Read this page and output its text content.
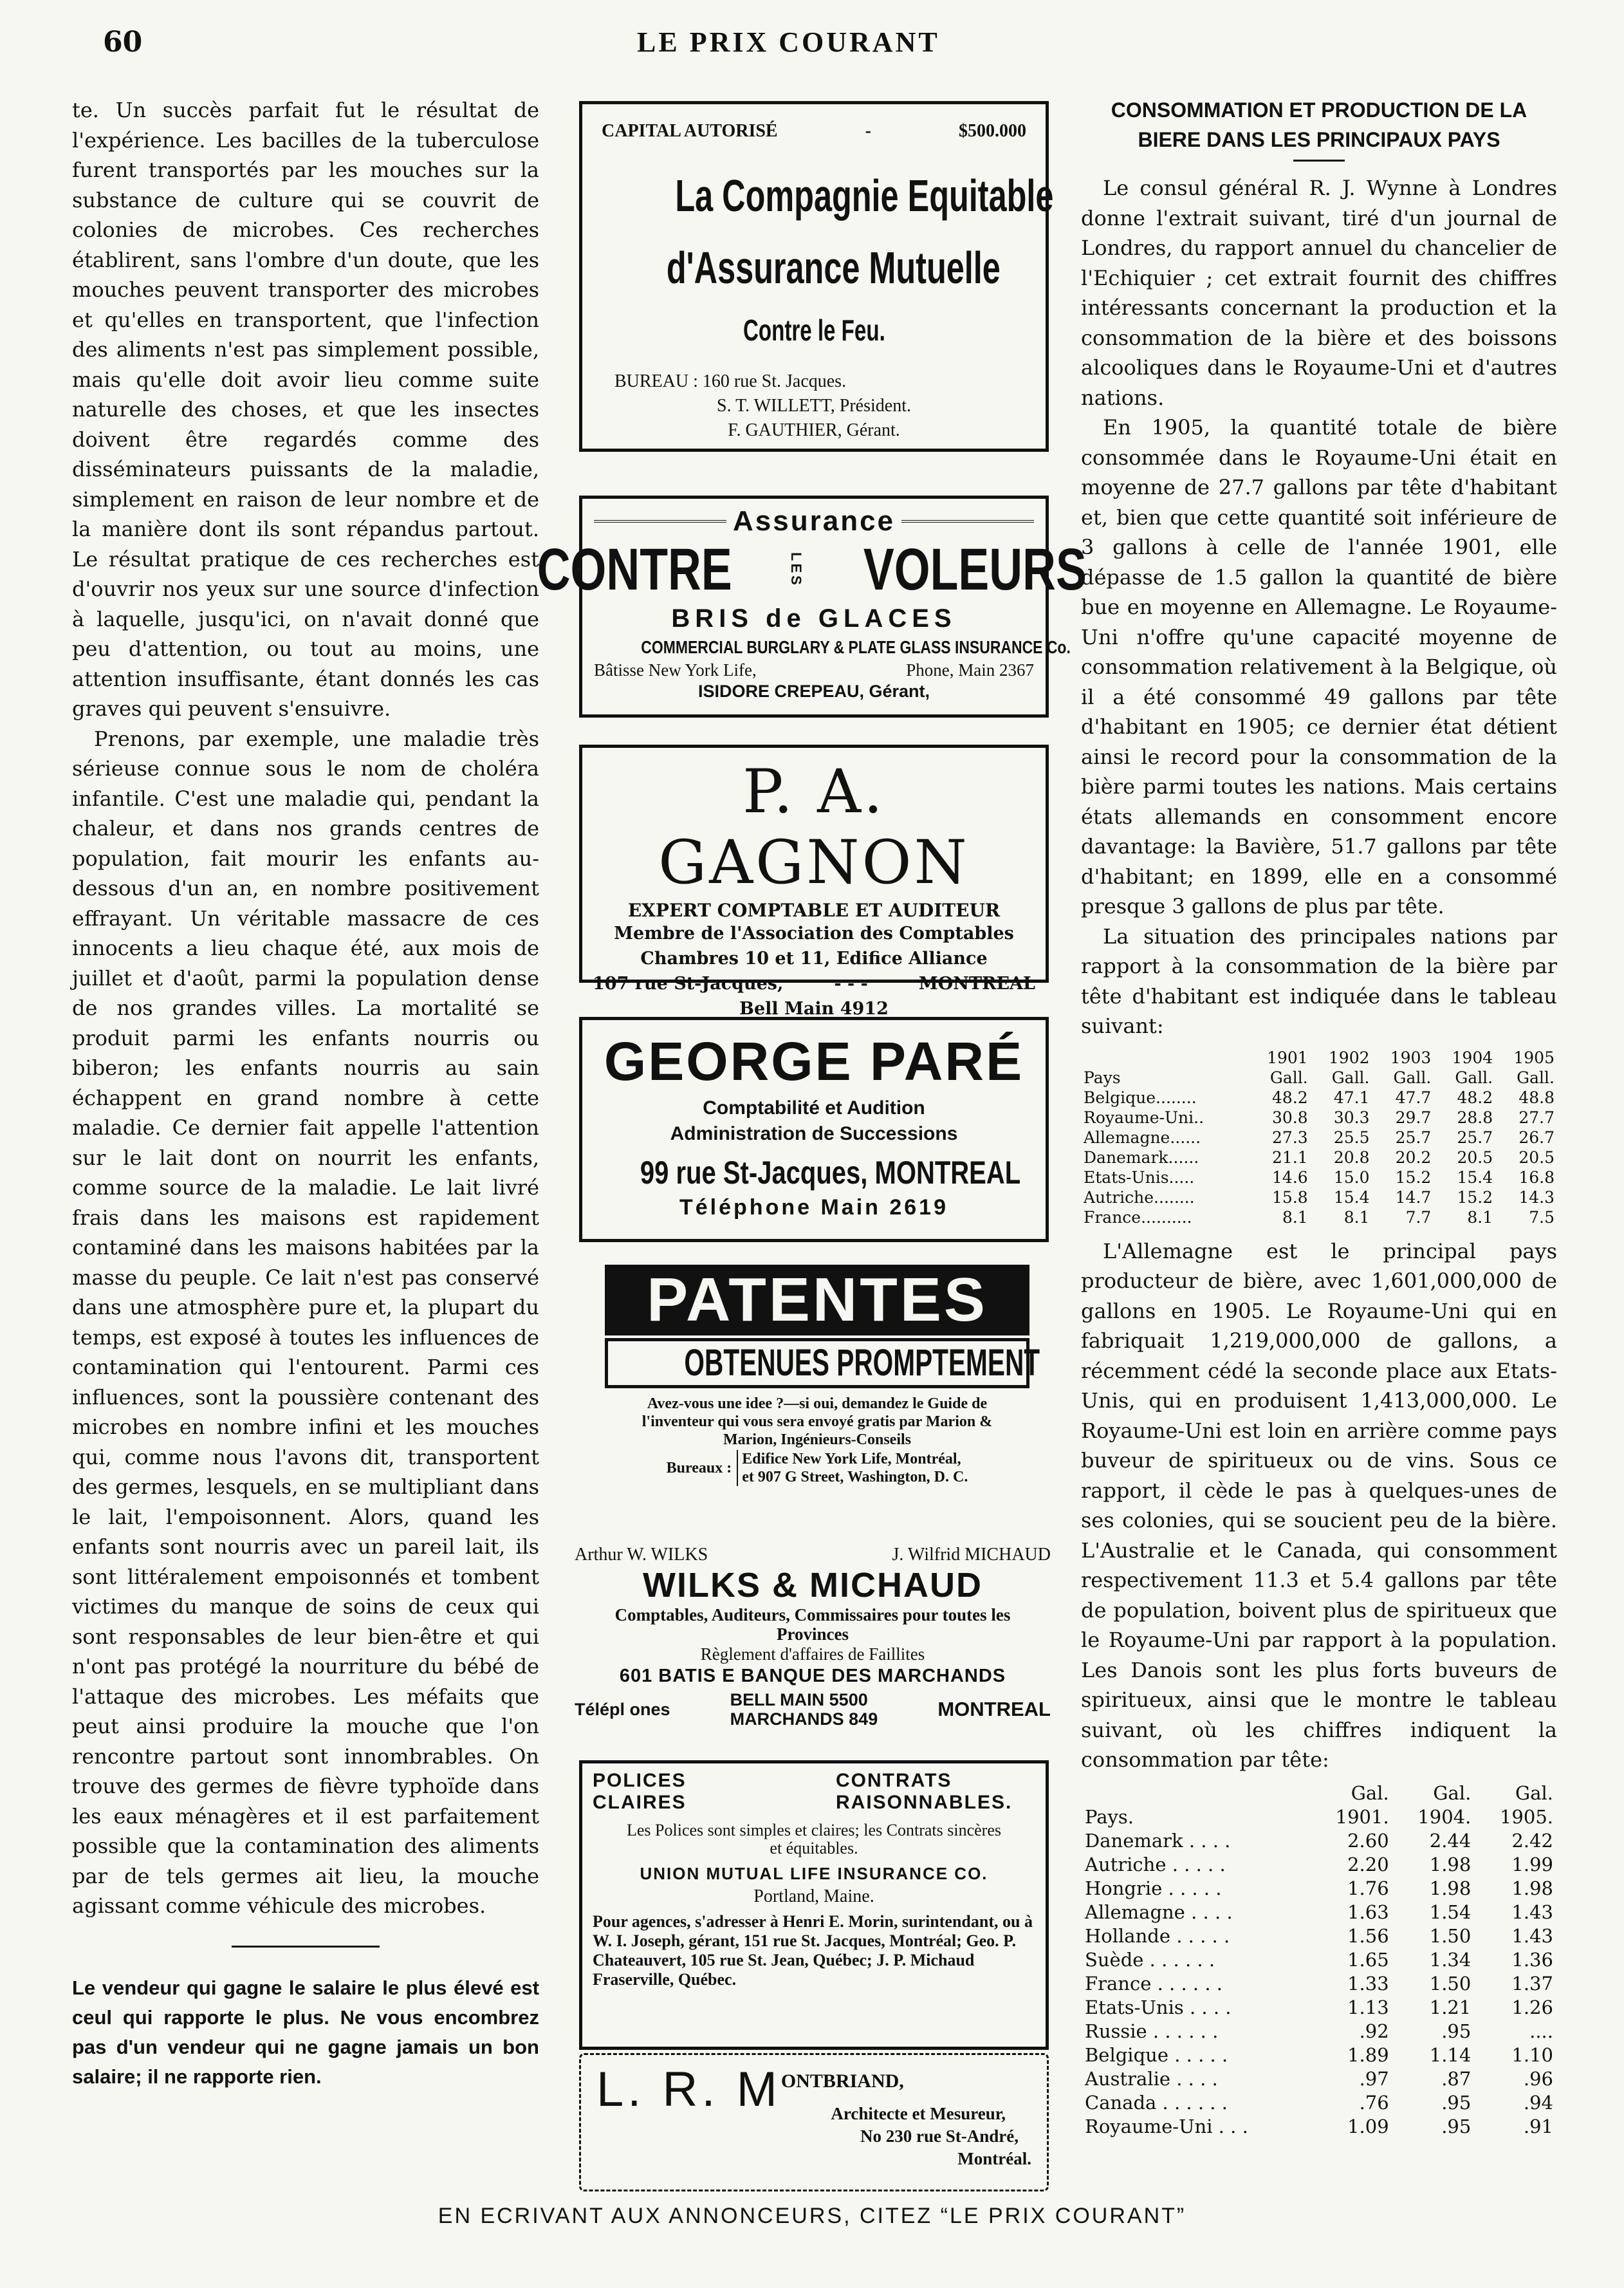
60	LE PRIX COURANT

te. Un succès parfait fut le résultat de l'expérience. Les bacilles de la tuberculose furent transportés par les mouches sur la substance de culture qui se couvrit de colonies de microbes. Ces recherches établirent, sans l'ombre d'un doute, que les mouches peuvent transporter des microbes et qu'elles en transportent, que l'infection des aliments n'est pas simplement possible, mais qu'elle doit avoir lieu comme suite naturelle des choses, et que les insectes doivent être regardés comme des disséminateurs puissants de la maladie, simplement en raison de leur nombre et de la manière dont ils sont répandus partout. Le résultat pratique de ces recherches est d'ouvrir nos yeux sur une source d'infection à laquelle, jusqu'ici, on n'avait donné que peu d'attention, ou tout au moins, une attention insuffisante, étant donnés les cas graves qui peuvent s'ensuivre.

Prenons, par exemple, une maladie très sérieuse connue sous le nom de choléra infantile. C'est une maladie qui, pendant la chaleur, et dans nos grands centres de population, fait mourir les enfants au-dessous d'un an, en nombre positivement effrayant. Un véritable massacre de ces innocents a lieu chaque été, aux mois de juillet et d'août, parmi la population dense de nos grandes villes. La mortalité se produit parmi les enfants nourris ou biberon; les enfants nourris au sain échappent en grand nombre à cette maladie. Ce dernier fait appelle l'attention sur le lait dont on nourrit les enfants, comme source de la maladie. Le lait livré frais dans les maisons est rapidement contaminé dans les maisons habitées par la masse du peuple. Ce lait n'est pas conservé dans une atmosphère pure et, la plupart du temps, est exposé à toutes les influences de contamination qui l'entourent. Parmi ces influences, sont la poussière contenant des microbes en nombre infini et les mouches qui, comme nous l'avons dit, transportent des germes, lesquels, en se multipliant dans le lait, l'empoisonnent. Alors, quand les enfants sont nourris avec un pareil lait, ils sont littéralement empoisonnés et tombent victimes du manque de soins de ceux qui sont responsables de leur bien-être et qui n'ont pas protégé la nourriture du bébé de l'attaque des microbes. Les méfaits que peut ainsi produire la mouche que l'on rencontre partout sont innombrables. On trouve des germes de fièvre typhoïde dans les eaux ménagères et il est parfaitement possible que la contamination des aliments par de tels germes ait lieu, la mouche agissant comme véhicule des microbes.

Le vendeur qui gagne le salaire le plus élevé est ceul qui rapporte le plus. Ne vous encombrez pas d'un vendeur qui ne gagne jamais un bon salaire; il ne rapporte rien.

CAPITAL AUTORISÉ	-	$500.000
La Compagnie Equitable
d'Assurance Mutuelle
Contre le Feu.
BUREAU : 160 rue St. Jacques.
S. T. WILLETT, Président.
F. GAUTHIER, Gérant.
Assurance
CONTRE	LES VOLEURS
BRIS de GLACES
COMMERCIAL BURGLARY & PLATE GLASS INSURANCE Co.
Bâtisse New York Life,	Phone, Main 2367
ISIDORE CREPEAU, Gérant,
P. A. GAGNON
EXPERT COMPTABLE ET AUDITEUR
Membre de l'Association des Comptables
Chambres 10 et 11, Edifice Alliance
107 rue St-Jacques,	- - -	MONTREAL
Bell Main 4912
GEORGE PARÉ
Comptabilité et Audition
Administration de Successions
99 rue St-Jacques, MONTREAL
Téléphone Main 2619
PATENTES
OBTENUES PROMPTEMENT
Avez-vous une idee ?—si oui, demandez le Guide de l'inventeur qui vous sera envoyé gratis par Marion & Marion, Ingénieurs-Conseils
Bureaux :
Edifice New York Life, Montréal,
et 907 G Street, Washington, D. C.
Arthur W. WILKS	J. Wilfrid MICHAUD
WILKS & MICHAUD
Comptables, Auditeurs, Commissaires pour toutes les Provinces
Règlement d'affaires de Faillites
601 BATIS E BANQUE DES MARCHANDS
Télépl ones	BELL MAIN 5500
MARCHANDS 849	MONTREAL
POLICES CLAIRES
CONTRATS RAISONNABLES.
Les Polices sont simples et claires; les Contrats sincères et équitables.
UNION MUTUAL LIFE INSURANCE CO.
Portland, Maine.
Pour agences, s'adresser à Henri E. Morin, surintendant, ou à W. I. Joseph, gérant, 151 rue St. Jacques, Montréal; Geo. P. Chateauvert, 105 rue St. Jean, Québec; J. P. Michaud Fraserville, Québec.
L. R. M ONTBRIAND,
Architecte et Mesureur,
No 230 rue St-André,
Montréal.
CONSOMMATION ET PRODUCTION DE LA BIERE DANS LES PRINCIPAUX PAYS

Le consul général R. J. Wynne à Londres donne l'extrait suivant, tiré d'un journal de Londres, du rapport annuel du chancelier de l'Echiquier ; cet extrait fournit des chiffres intéressants concernant la production et la consommation de la bière et des boissons alcooliques dans le Royaume-Uni et d'autres nations.

En 1905, la quantité totale de bière consommée dans le Royaume-Uni était en moyenne de 27.7 gallons par tête d'habitant et, bien que cette quantité soit inférieure de 3 gallons à celle de l'année 1901, elle dépasse de 1.5 gallon la quantité de bière bue en moyenne en Allemagne. Le Royaume-Uni n'offre qu'une capacité moyenne de consommation relativement à la Belgique, où il a été consommé 49 gallons par tête d'habitant en 1905; ce dernier état détient ainsi le record pour la consommation de la bière parmi toutes les nations. Mais certains états allemands en consomment encore davantage: la Bavière, 51.7 gallons par tête d'habitant; en 1899, elle en a consommé presque 3 gallons de plus par tête.

La situation des principales nations par rapport à la consommation de la bière par tête d'habitant est indiquée dans le tableau suivant:

	1901	1902	1903	1904	1905
Pays	Gall.	Gall.	Gall.	Gall.	Gall.
Belgique........	48.2	47.1	47.7	48.2	48.8
Royaume-Uni..	30.8	30.3	29.7	28.8	27.7
Allemagne......	27.3	25.5	25.7	25.7	26.7
Danemark......	21.1	20.8	20.2	20.5	20.5
Etats-Unis.....	14.6	15.0	15.2	15.4	16.8
Autriche........	15.8	15.4	14.7	15.2	14.3
France..........	8.1	8.1	7.7	8.1	7.5

L'Allemagne est le principal pays producteur de bière, avec 1,601,000,000 de gallons en 1905. Le Royaume-Uni qui en fabriquait 1,219,000,000 de gallons, a récemment cédé la seconde place aux Etats-Unis, qui en produisent 1,413,000,000. Le Royaume-Uni est loin en arrière comme pays buveur de spiritueux ou de vins. Sous ce rapport, il cède le pas à quelques-unes de ses colonies, qui se soucient peu de la bière. L'Australie et le Canada, qui consomment respectivement 11.3 et 5.4 gallons par tête de population, boivent plus de spiritueux que le Royaume-Uni par rapport à la population. Les Danois sont les plus forts buveurs de spiritueux, ainsi que le montre le tableau suivant, où les chiffres indiquent la consommation par tête:

	Gal.	Gal.	Gal.
Pays.	1901.	1904.	1905.
Danemark . . . .	2.60	2.44	2.42
Autriche . . . . .	2.20	1.98	1.99
Hongrie . . . . .	1.76	1.98	1.98
Allemagne . . . .	1.63	1.54	1.43
Hollande . . . . .	1.56	1.50	1.43
Suède . . . . . .	1.65	1.34	1.36
France . . . . . .	1.33	1.50	1.37
Etats-Unis . . . .	1.13	1.21	1.26
Russie . . . . . .	.92	.95	....
Belgique . . . . .	1.89	1.14	1.10
Australie . . . .	.97	.87	.96
Canada . . . . . .	.76	.95	.94
Royaume-Uni . . .	1.09	.95	.91
EN ECRIVANT AUX ANNONCEURS, CITEZ “LE PRIX COURANT”
